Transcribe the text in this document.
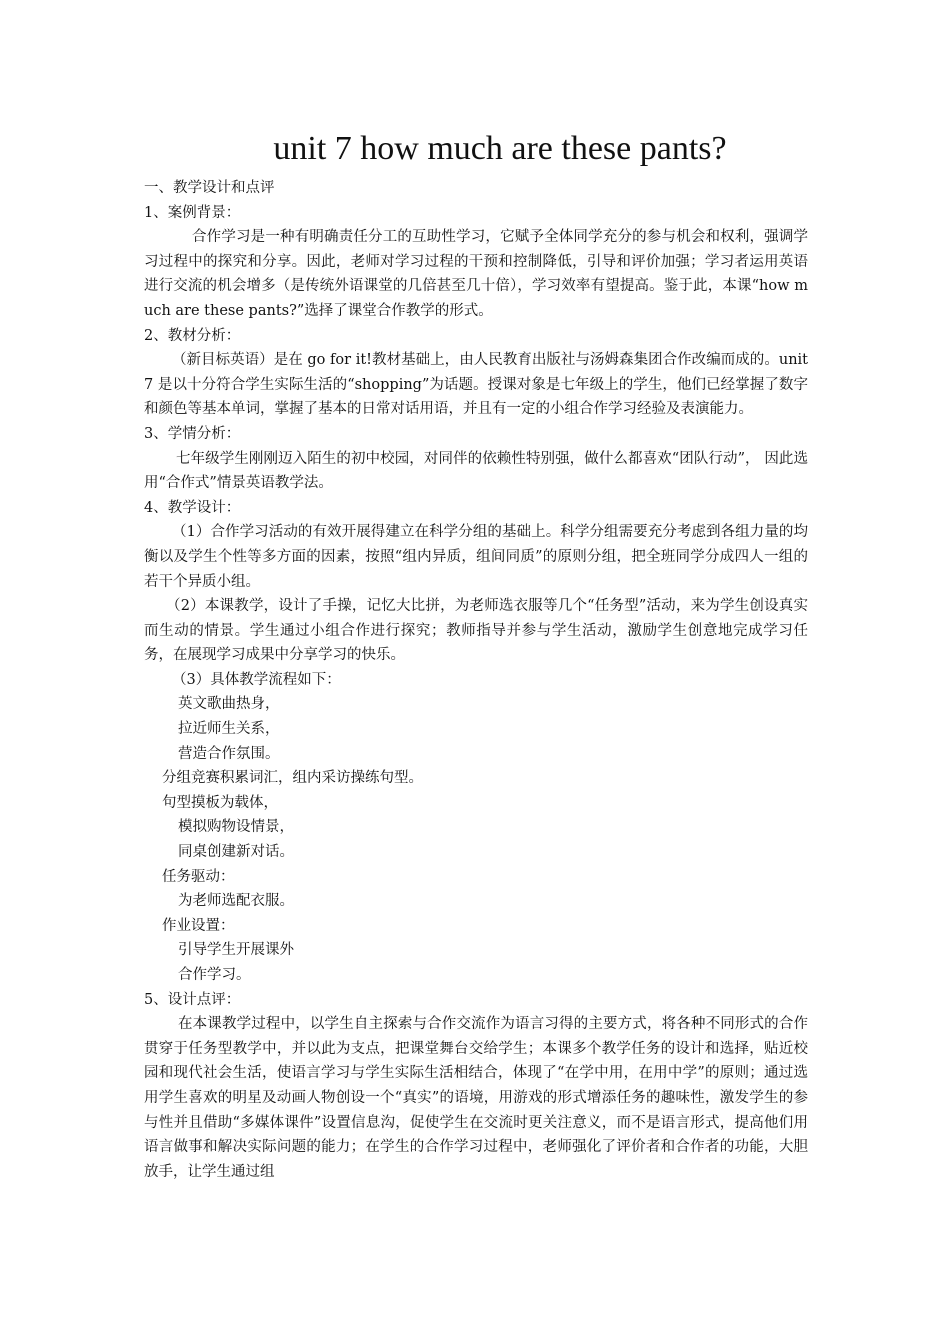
unit 7 how much are these pants?

一、教学设计和点评

1、案例背景：

合作学习是一种有明确责任分工的互助性学习，它赋予全体同学充分的参与机会和权利，强调学习过程中的探究和分享。因此，老师对学习过程的干预和控制降低，引导和评价加强；学习者运用英语进行交流的机会增多（是传统外语课堂的几倍甚至几十倍），学习效率有望提高。鉴于此，本课“how much are these pants?”选择了课堂合作教学的形式。

2、教材分析：

（新目标英语）是在 go for it!教材基础上，由人民教育出版社与汤姆森集团合作改编而成的。unit 7 是以十分符合学生实际生活的“shopping”为话题。授课对象是七年级上的学生，他们已经掌握了数字和颜色等基本单词，掌握了基本的日常对话用语，并且有一定的小组合作学习经验及表演能力。

3、学情分析：

七年级学生刚刚迈入陌生的初中校园，对同伴的依赖性特别强，做什么都喜欢“团队行动”， 因此选用“合作式”情景英语教学法。

4、教学设计：

（1）合作学习活动的有效开展得建立在科学分组的基础上。科学分组需要充分考虑到各组力量的均衡以及学生个性等多方面的因素，按照“组内异质，组间同质”的原则分组，把全班同学分成四人一组的若干个异质小组。

（2）本课教学，设计了手操，记忆大比拼，为老师选衣服等几个“任务型”活动，来为学生创设真实而生动的情景。学生通过小组合作进行探究；教师指导并参与学生活动，激励学生创意地完成学习任务，在展现学习成果中分享学习的快乐。

（3）具体教学流程如下：

英文歌曲热身，

拉近师生关系，

营造合作氛围。

分组竞赛积累词汇，组内采访操练句型。

句型摸板为载体，

模拟购物设情景，

同桌创建新对话。

任务驱动：

为老师选配衣服。

作业设置：

引导学生开展课外

合作学习。

5、设计点评：

在本课教学过程中，以学生自主探索与合作交流作为语言习得的主要方式，将各种不同形式的合作贯穿于任务型教学中，并以此为支点，把课堂舞台交给学生；本课多个教学任务的设计和选择，贴近校园和现代社会生活，使语言学习与学生实际生活相结合，体现了“在学中用，在用中学”的原则；通过选用学生喜欢的明星及动画人物创设一个“真实”的语境，用游戏的形式增添任务的趣味性，激发学生的参与性并且借助“多媒体课件”设置信息沟，促使学生在交流时更关注意义，而不是语言形式，提高他们用语言做事和解决实际问题的能力；在学生的合作学习过程中，老师强化了评价者和合作者的功能，大胆放手，让学生通过组
